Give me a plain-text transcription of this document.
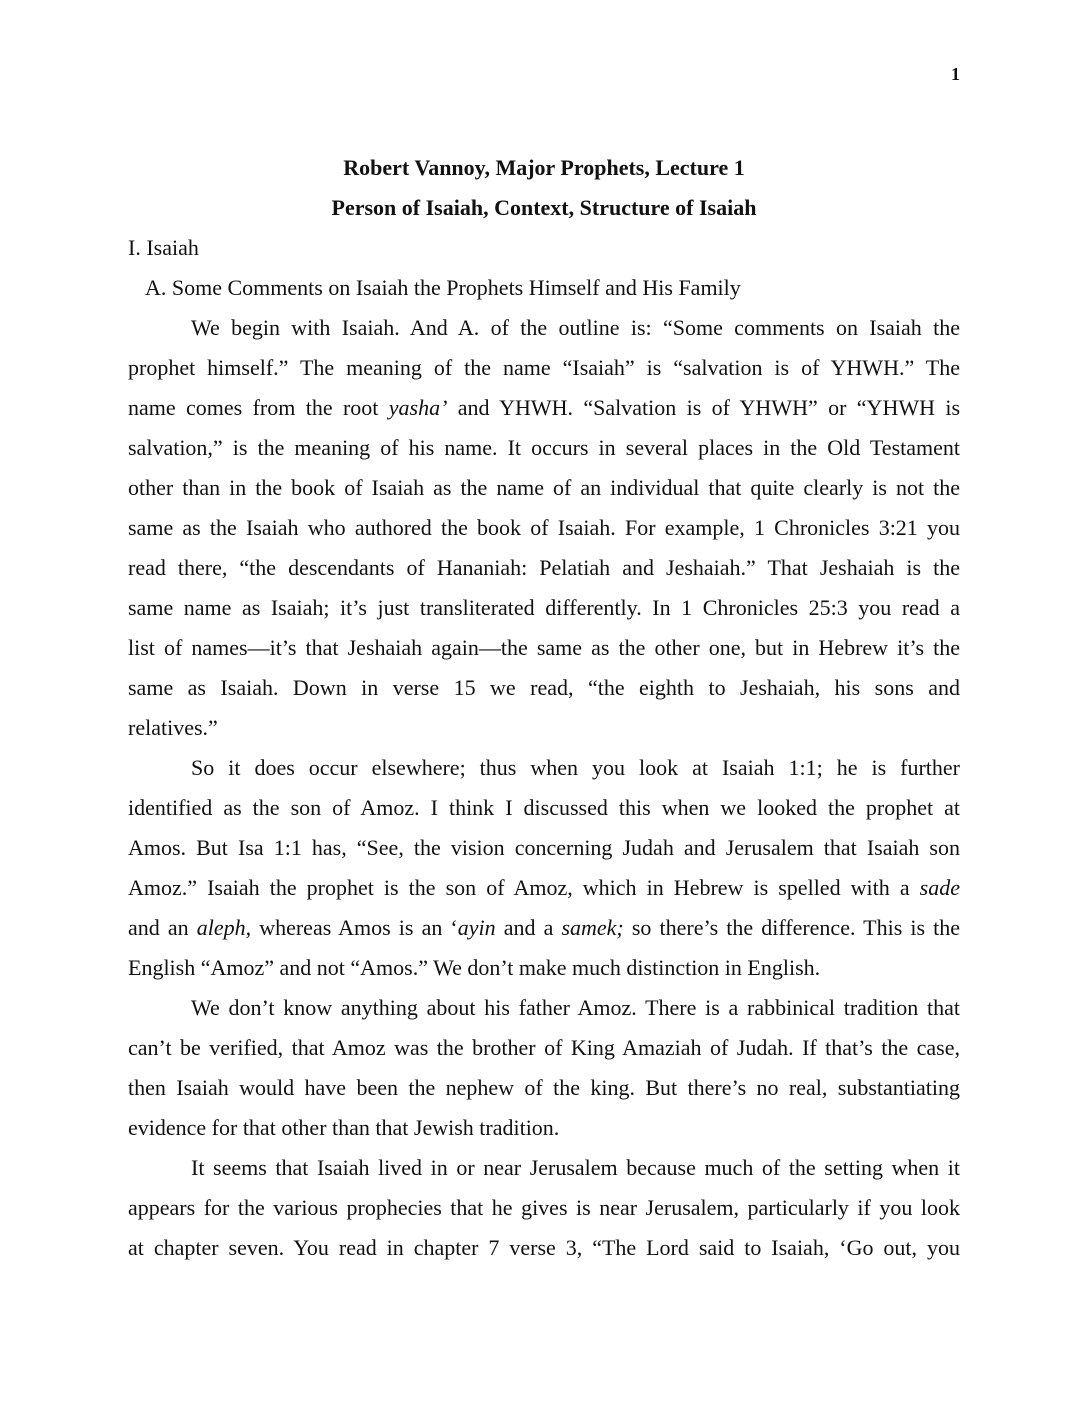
1
Robert Vannoy, Major Prophets, Lecture 1
Person of Isaiah, Context, Structure of Isaiah
I. Isaiah
A. Some Comments on Isaiah the Prophets Himself and His Family
We begin with Isaiah. And A. of the outline is: “Some comments on Isaiah the
prophet himself.” The meaning of the name “Isaiah” is “salvation is of YHWH.” The
name comes from the root yasha’ and YHWH. “Salvation is of YHWH” or “YHWH is
salvation,” is the meaning of his name. It occurs in several places in the Old Testament
other than in the book of Isaiah as the name of an individual that quite clearly is not the
same as the Isaiah who authored the book of Isaiah. For example, 1 Chronicles 3:21 you
read there, “the descendants of Hananiah: Pelatiah and Jeshaiah.” That Jeshaiah is the
same name as Isaiah; it’s just transliterated differently. In 1 Chronicles 25:3 you read a
list of names—it’s that Jeshaiah again—the same as the other one, but in Hebrew it’s the
same as Isaiah. Down in verse 15 we read, “the eighth to Jeshaiah, his sons and
relatives.”
So it does occur elsewhere; thus when you look at Isaiah 1:1; he is further
identified as the son of Amoz. I think I discussed this when we looked the prophet at
Amos. But Isa 1:1 has, “See, the vision concerning Judah and Jerusalem that Isaiah son
Amoz.” Isaiah the prophet is the son of Amoz, which in Hebrew is spelled with a sade
and an aleph, whereas Amos is an ‘ayin and a samek; so there’s the difference. This is the
English “Amoz” and not “Amos.” We don’t make much distinction in English.
We don’t know anything about his father Amoz. There is a rabbinical tradition that
can’t be verified, that Amoz was the brother of King Amaziah of Judah. If that’s the case,
then Isaiah would have been the nephew of the king. But there’s no real, substantiating
evidence for that other than that Jewish tradition.
It seems that Isaiah lived in or near Jerusalem because much of the setting when it
appears for the various prophecies that he gives is near Jerusalem, particularly if you look
at chapter seven. You read in chapter 7 verse 3, “The Lord said to Isaiah, ‘Go out, you
